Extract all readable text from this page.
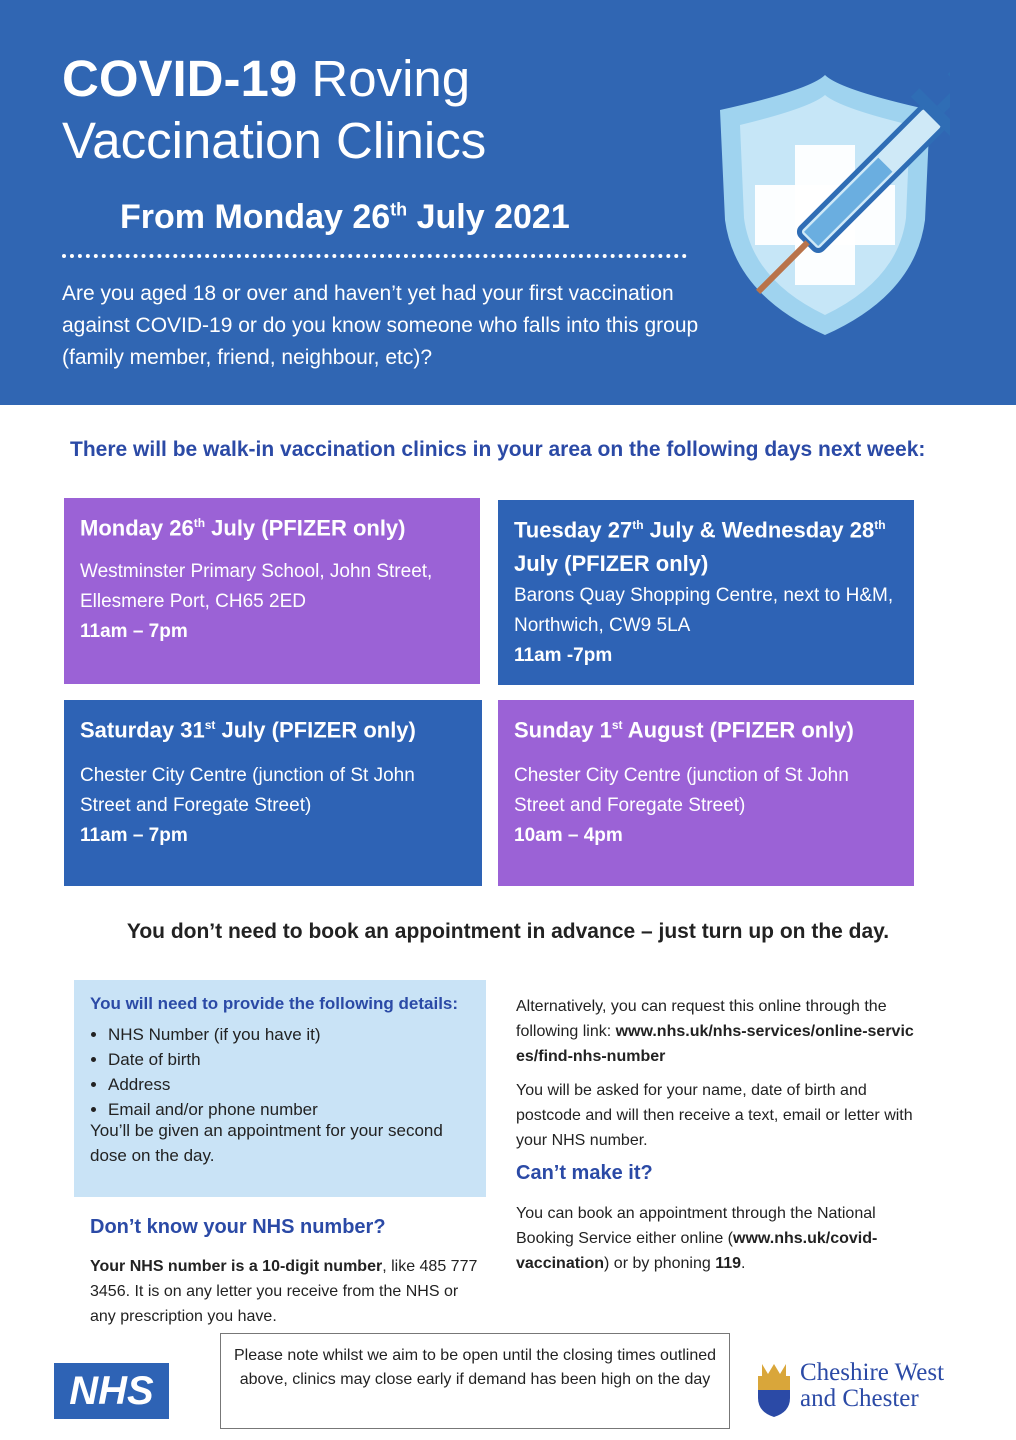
COVID-19 Roving
Vaccination Clinics
From Monday 26th July 2021
Are you aged 18 or over and haven’t yet had your first vaccination against COVID-19 or do you know someone who falls into this group (family member, friend, neighbour, etc)?
There will be walk-in vaccination clinics in your area on the following days next week:
Monday 26th July (PFIZER only)
Westminster Primary School, John Street, Ellesmere Port, CH65 2ED
11am – 7pm
Tuesday 27th July & Wednesday 28th July (PFIZER only)
Barons Quay Shopping Centre, next to H&M, Northwich, CW9 5LA
11am -7pm
Saturday 31st July (PFIZER only)
Chester City Centre (junction of St John Street and Foregate Street)
11am – 7pm
Sunday 1st August (PFIZER only)
Chester City Centre (junction of St John Street and Foregate Street)
10am – 4pm
You don’t need to book an appointment in advance – just turn up on the day.
You will need to provide the following details:
• NHS Number (if you have it)
• Date of birth
• Address
• Email and/or phone number
You’ll be given an appointment for your second dose on the day.
Don’t know your NHS number?
Your NHS number is a 10-digit number, like 485 777 3456. It is on any letter you receive from the NHS or any prescription you have.
Alternatively, you can request this online through the following link: www.nhs.uk/nhs-services/online-services/find-nhs-number
You will be asked for your name, date of birth and postcode and will then receive a text, email or letter with your NHS number.
Can’t make it?
You can book an appointment through the National Booking Service either online (www.nhs.uk/covid-vaccination) or by phoning 119.
NHS
Please note whilst we aim to be open until the closing times outlined above, clinics may close early if demand has been high on the day	Cheshire West
and Chester
